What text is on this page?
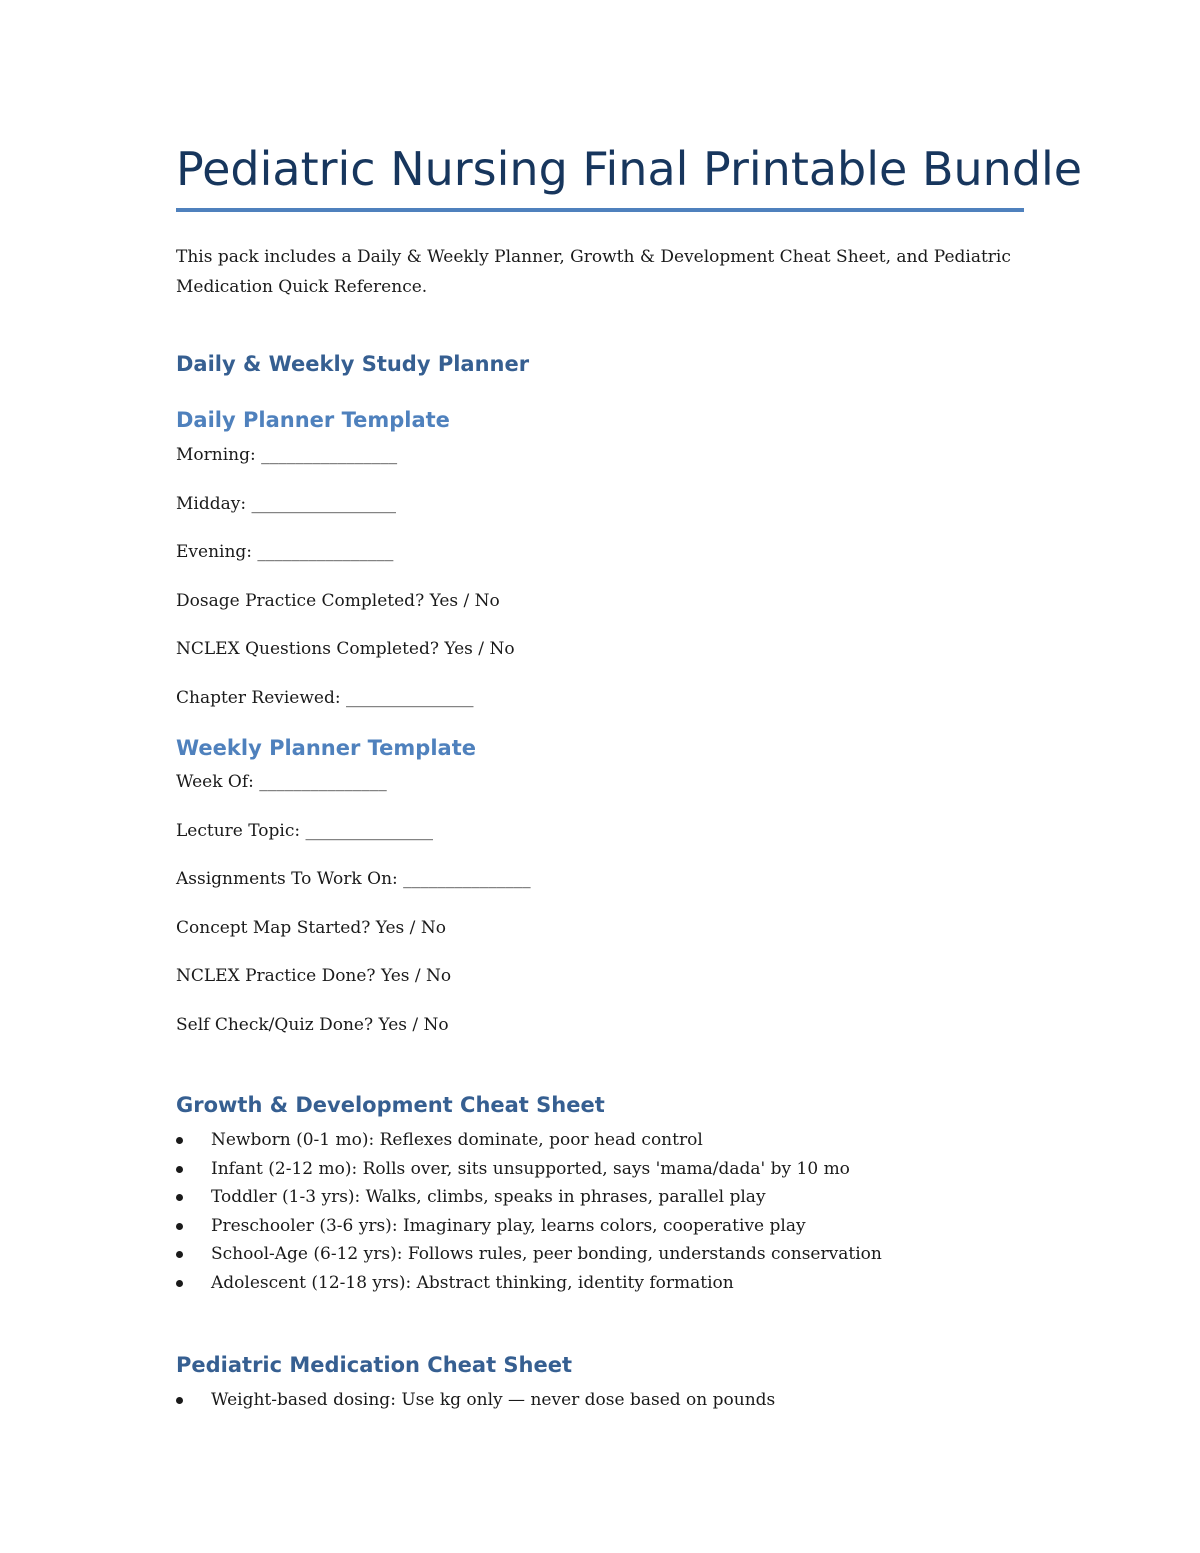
Pediatric Nursing Final Printable Bundle

This pack includes a Daily & Weekly Planner, Growth & Development Cheat Sheet, and Pediatric Medication Quick Reference.

Daily & Weekly Study Planner
Daily Planner Template

Morning: ________________

Midday: _________________

Evening: ________________

Dosage Practice Completed? Yes / No

NCLEX Questions Completed? Yes / No

Chapter Reviewed: _______________

Weekly Planner Template

Week Of: _______________

Lecture Topic: _______________

Assignments To Work On: _______________

Concept Map Started? Yes / No

NCLEX Practice Done? Yes / No

Self Check/Quiz Done? Yes / No

Growth & Development Cheat Sheet
Newborn (0-1 mo): Reflexes dominate, poor head control
Infant (2-12 mo): Rolls over, sits unsupported, says 'mama/dada' by 10 mo
Toddler (1-3 yrs): Walks, climbs, speaks in phrases, parallel play
Preschooler (3-6 yrs): Imaginary play, learns colors, cooperative play
School-Age (6-12 yrs): Follows rules, peer bonding, understands conservation
Adolescent (12-18 yrs): Abstract thinking, identity formation
Pediatric Medication Cheat Sheet
Weight-based dosing: Use kg only — never dose based on pounds
